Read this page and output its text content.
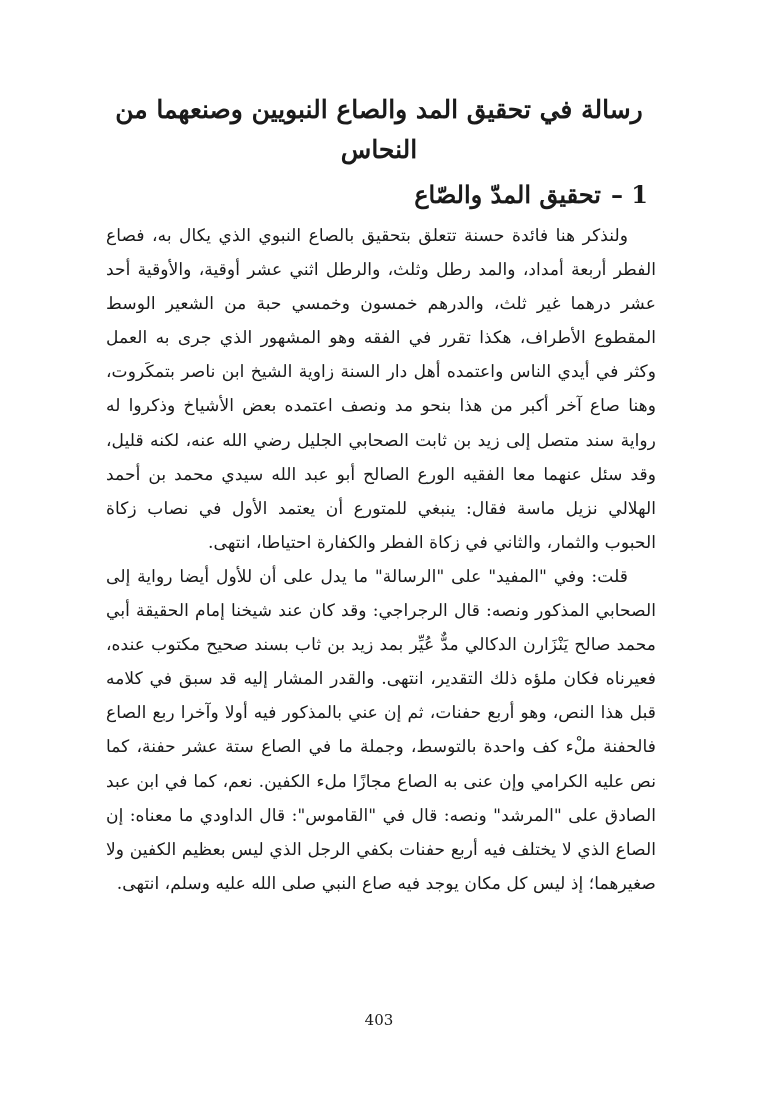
رسالة في تحقيق المد والصاع النبويين وصنعهما من النحاس
1 –تحقيق المدّ والصّاع

ولنذكر هنا فائدة حسنة تتعلق بتحقيق بالصاع النبوي الذي يكال به، فصاع الفطر أربعة أمداد، والمد رطل وثلث، والرطل اثني عشر أوقية، والأوقية أحد عشر درهما غير ثلث، والدرهم خمسون وخمسي حبة من الشعير الوسط المقطوع الأطراف، هكذا تقرر في الفقه وهو المشهور الذي جرى به العمل وكثر في أيدي الناس واعتمده أهل دار السنة زاوية الشيخ ابن ناصر بتمكَروت، وهنا صاع آخر أكبر من هذا بنحو مد ونصف اعتمده بعض الأشياخ وذكروا له رواية سند متصل إلى زيد بن ثابت الصحابي الجليل رضي الله عنه، لكنه قليل، وقد سئل عنهما معا الفقيه الورع الصالح أبو عبد الله سيدي محمد بن أحمد الهلالي نزيل ماسة فقال: ينبغي للمتورع أن يعتمد الأول في نصاب زكاة الحبوب والثمار، والثاني في زكاة الفطر والكفارة احتياطا، انتهى.

قلت: وفي "المفيد" على "الرسالة" ما يدل على أن للأول أيضا رواية إلى الصحابي المذكور ونصه: قال الرجراجي: وقد كان عند شيخنا إمام الحقيقة أبي محمد صالح يَنْزَارن الدكالي مدٌّ عُيِّر بمد زيد بن ثاب بسند صحيح مكتوب عنده، فعيرناه فكان ملؤه ذلك التقدير، انتهى. والقدر المشار إليه قد سبق في كلامه قبل هذا النص، وهو أربع حفنات، ثم إن عني بالمذكور فيه أولا وآخرا ربع الصاع فالحفنة ملْء كف واحدة بالتوسط، وجملة ما في الصاع ستة عشر حفنة، كما نص عليه الكرامي وإن عنى به الصاع مجازًا ملء الكفين. نعم، كما في ابن عبد الصادق على "المرشد" ونصه: قال في "القاموس": قال الداودي ما معناه: إن الصاع الذي لا يختلف فيه أربع حفنات بكفي الرجل الذي ليس بعظيم الكفين ولا صغيرهما؛ إذ ليس كل مكان يوجد فيه صاع النبي صلى الله عليه وسلم، انتهى.

403
